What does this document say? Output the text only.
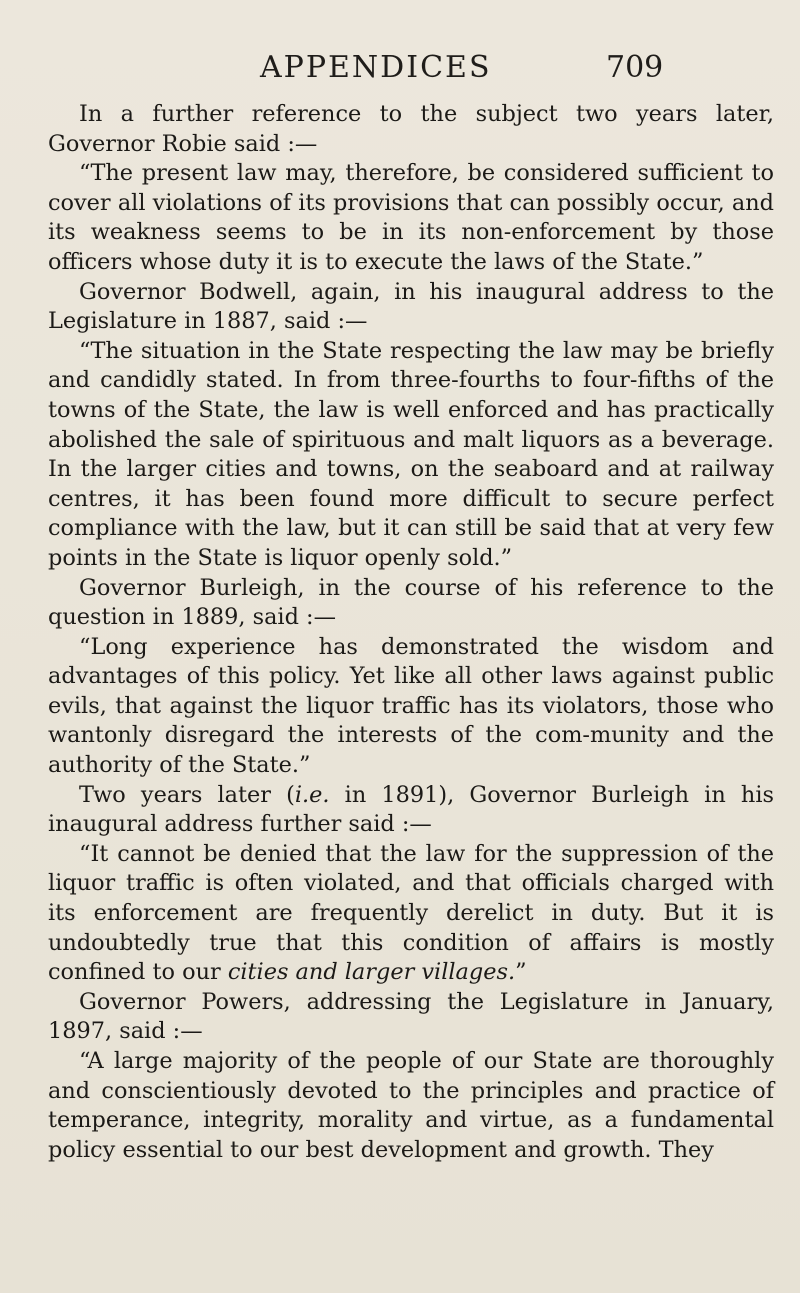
APPENDICES	709

In a further reference to the subject two years later, Governor Robie said :—

“The present law may, therefore, be considered sufficient to cover all violations of its provisions that can possibly occur, and its weakness seems to be in its non-enforcement by those officers whose duty it is to execute the laws of the State.”

Governor Bodwell, again, in his inaugural address to the Legislature in 1887, said :—

“The situation in the State respecting the law may be briefly and candidly stated. In from three-fourths to four-fifths of the towns of the State, the law is well enforced and has practically abolished the sale of spirituous and malt liquors as a beverage. In the larger cities and towns, on the seaboard and at railway centres, it has been found more difficult to secure perfect compliance with the law, but it can still be said that at very few points in the State is liquor openly sold.”

Governor Burleigh, in the course of his reference to the question in 1889, said :—

“Long experience has demonstrated the wisdom and advantages of this policy. Yet like all other laws against public evils, that against the liquor traffic has its violators, those who wantonly disregard the interests of the com-munity and the authority of the State.”

Two years later (i.e. in 1891), Governor Burleigh in his inaugural address further said :—

“It cannot be denied that the law for the suppression of the liquor traffic is often violated, and that officials charged with its enforcement are frequently derelict in duty. But it is undoubtedly true that this condition of affairs is mostly confined to our cities and larger villages.”

Governor Powers, addressing the Legislature in January, 1897, said :—

“A large majority of the people of our State are thoroughly and conscientiously devoted to the principles and practice of temperance, integrity, morality and virtue, as a fundamental policy essential to our best development and growth. They
